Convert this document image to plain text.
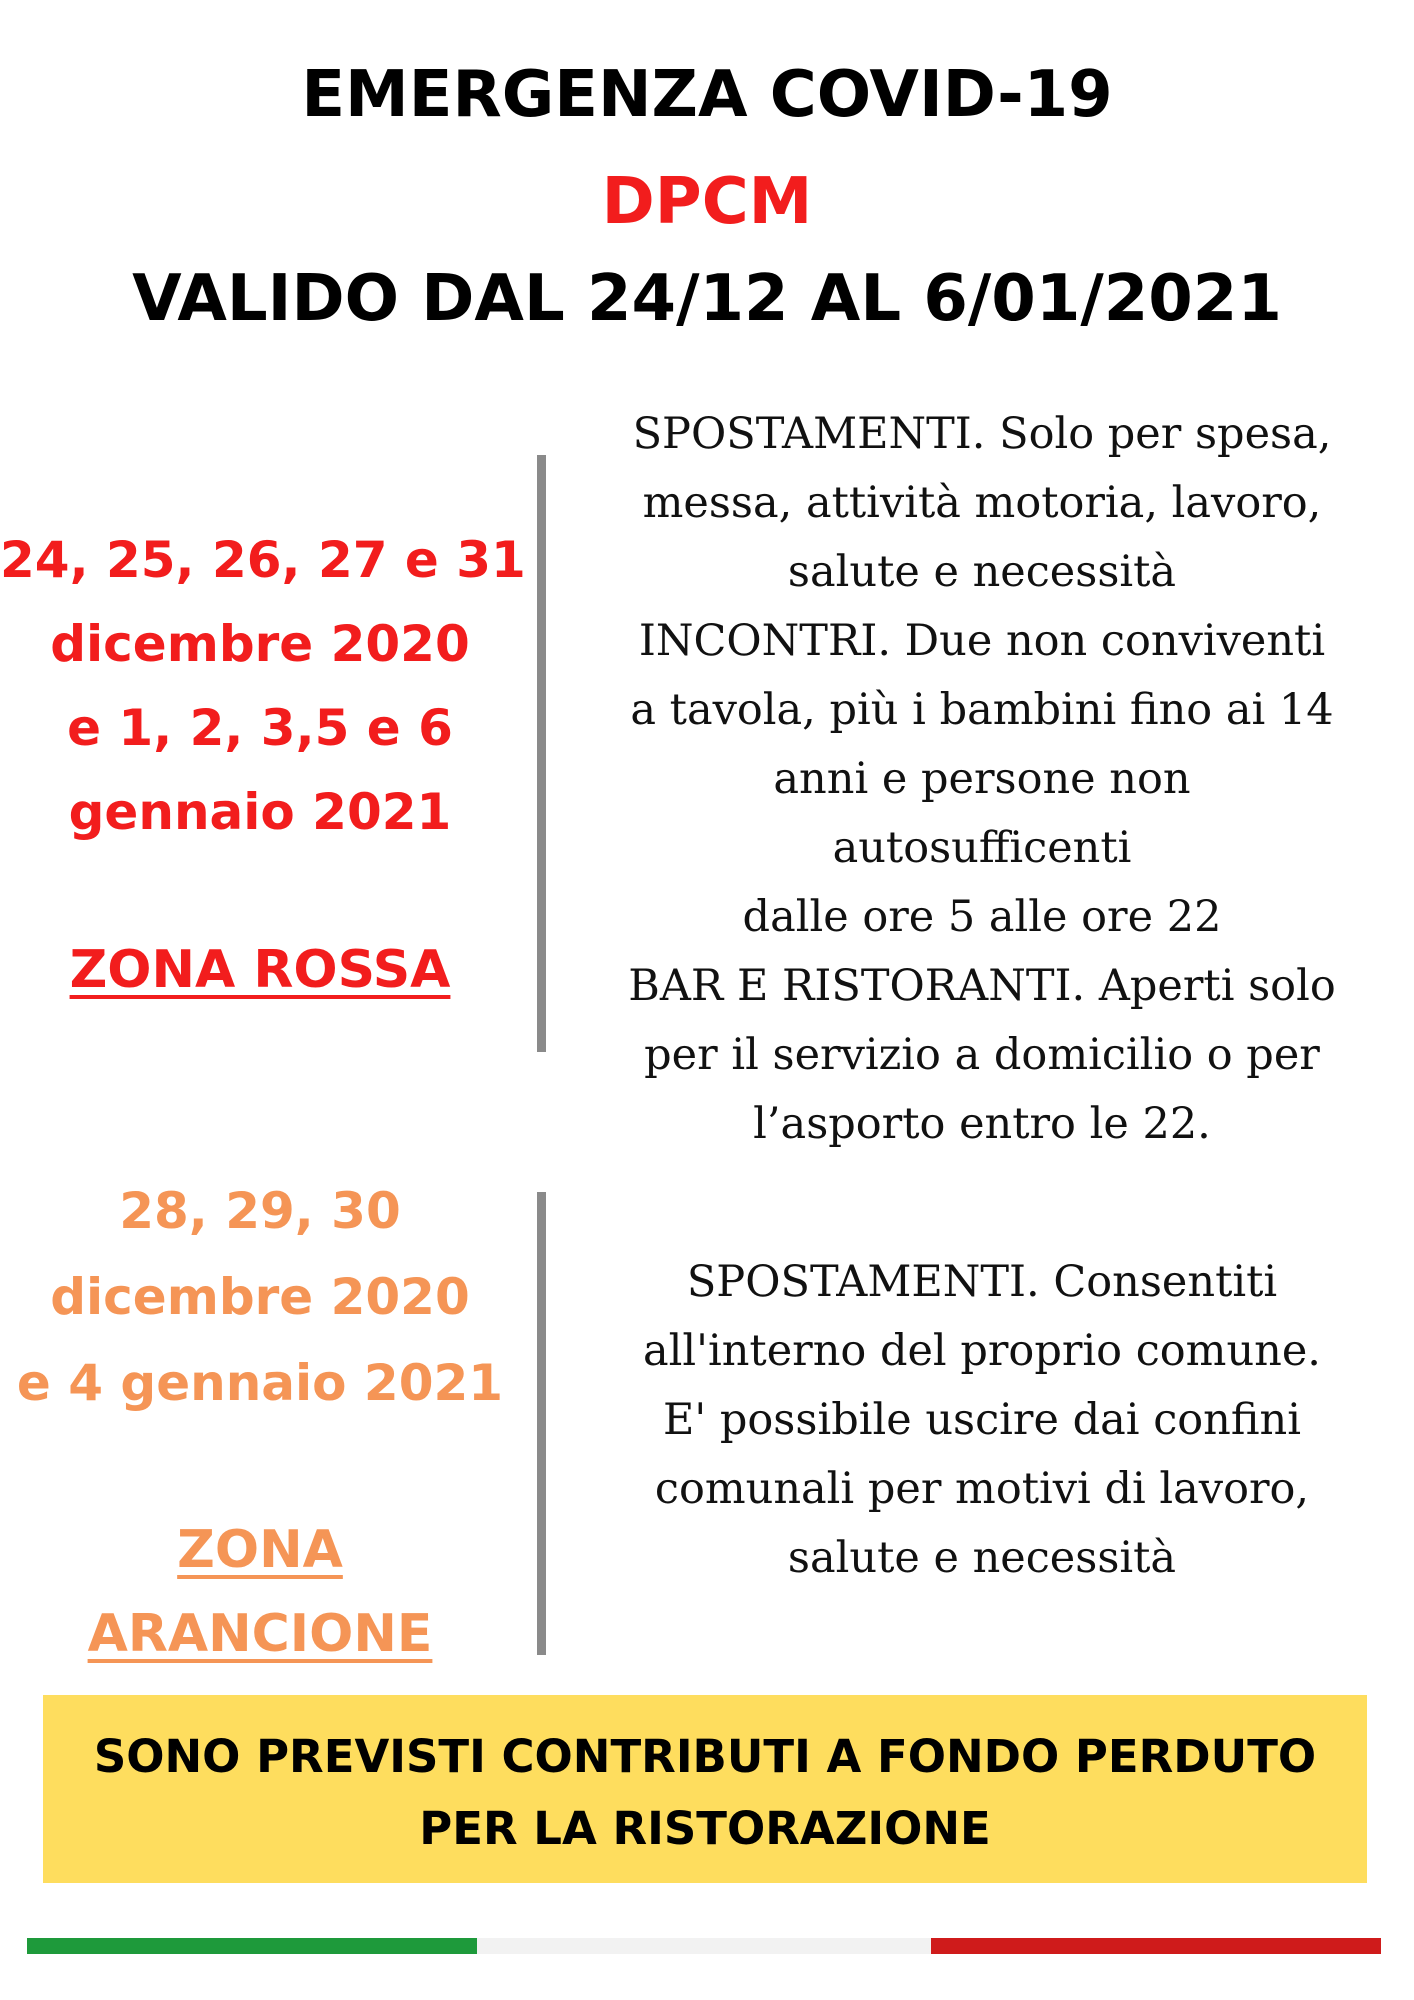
EMERGENZA COVID-19
DPCM
VALIDO DAL 24/12 AL 6/01/2021
24, 25, 26, 27 e 31
dicembre 2020
e 1, 2, 3,5 e 6
gennaio 2021
ZONA ROSSA
SPOSTAMENTI. Solo per spesa,
messa, attività motoria, lavoro,
salute e necessità
INCONTRI. Due non conviventi
a tavola, più i bambini fino ai 14
anni e persone non
autosufficenti
dalle ore 5 alle ore 22
BAR E RISTORANTI. Aperti solo
per il servizio a domicilio o per
l’asporto entro le 22.
28, 29, 30
dicembre 2020
e 4 gennaio 2021
ZONA
ARANCIONE
SPOSTAMENTI. Consentiti
all'interno del proprio comune.
E' possibile uscire dai confini
comunali per motivi di lavoro,
salute e necessità
SONO PREVISTI CONTRIBUTI A FONDO PERDUTO
PER LA RISTORAZIONE
